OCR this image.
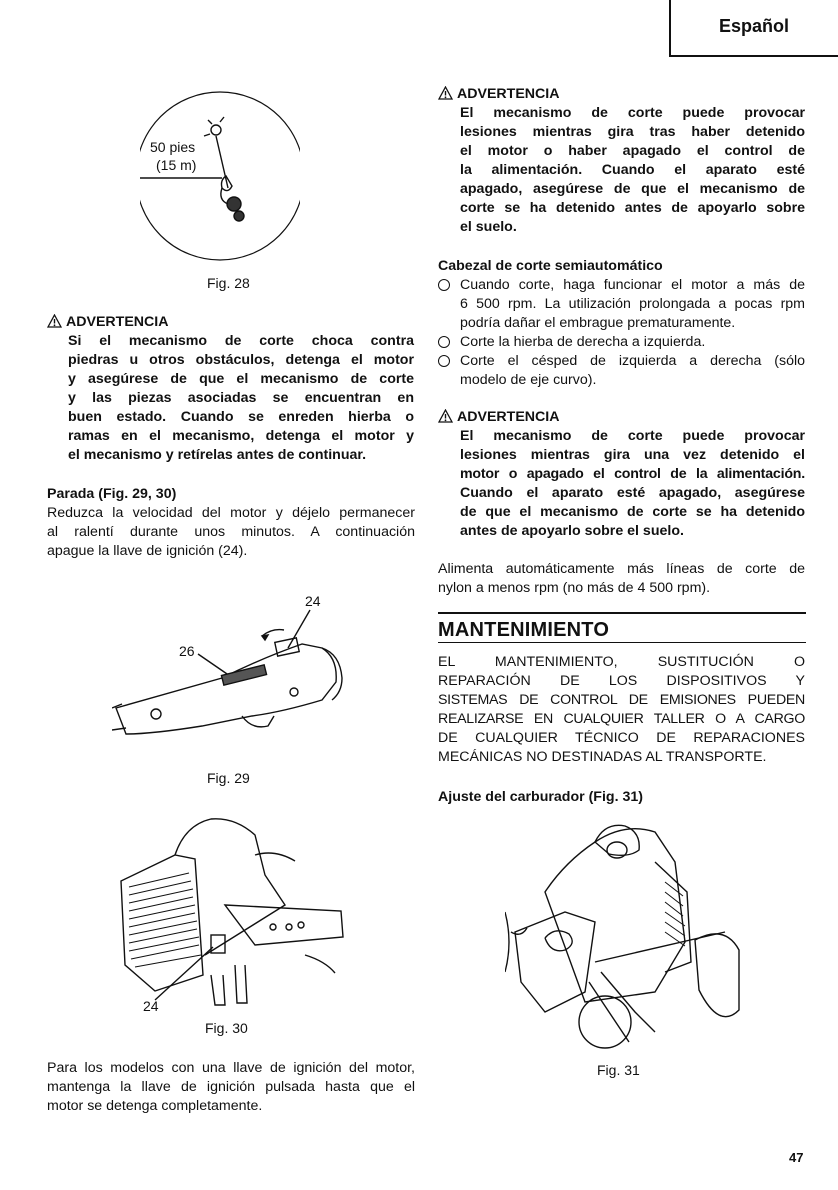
Español
50 pies
(15 m)
Fig. 28
ADVERTENCIA
Si el mecanismo de corte choca contra
piedras u otros obstáculos, detenga el motor
y asegúrese de que el mecanismo de corte
y las piezas asociadas se encuentran en
buen estado. Cuando se enreden hierba o
ramas en el mecanismo, detenga el motor y
el mecanismo y retírelas antes de continuar.
Parada (Fig. 29, 30)
Reduzca la velocidad del motor y déjelo permanecer
al ralentí durante unos minutos. A continuación
apague la llave de ignición (24).
24
26
Fig. 29
24
Fig. 30
Para los modelos con una llave de ignición del motor,
mantenga la llave de ignición pulsada hasta que el
motor se detenga completamente.
ADVERTENCIA
El mecanismo de corte puede provocar
lesiones mientras gira tras haber detenido
el motor o haber apagado el control de
la alimentación. Cuando el aparato esté
apagado, asegúrese de que el mecanismo de
corte se ha detenido antes de apoyarlo sobre
el suelo.
Cabezal de corte semiautomático
Cuando corte, haga funcionar el motor a más de
6 500 rpm. La utilización prolongada a pocas rpm
podría dañar el embrague prematuramente.
Corte la hierba de derecha a izquierda.
Corte el césped de izquierda a derecha (sólo
modelo de eje curvo).
ADVERTENCIA
El mecanismo de corte puede provocar
lesiones mientras gira una vez detenido el
motor o apagado el control de la alimentación.
Cuando el aparato esté apagado, asegúrese
de que el mecanismo de corte se ha detenido
antes de apoyarlo sobre el suelo.
Alimenta automáticamente más líneas de corte de
nylon a menos rpm (no más de 4 500 rpm).
MANTENIMIENTO
EL MANTENIMIENTO, SUSTITUCIÓN O
REPARACIÓN DE LOS DISPOSITIVOS Y
SISTEMAS DE CONTROL DE EMISIONES PUEDEN
REALIZARSE EN CUALQUIER TALLER O A CARGO
DE CUALQUIER TÉCNICO DE REPARACIONES
MECÁNICAS NO DESTINADAS AL TRANSPORTE.
Ajuste del carburador (Fig. 31)
Fig. 31
47
